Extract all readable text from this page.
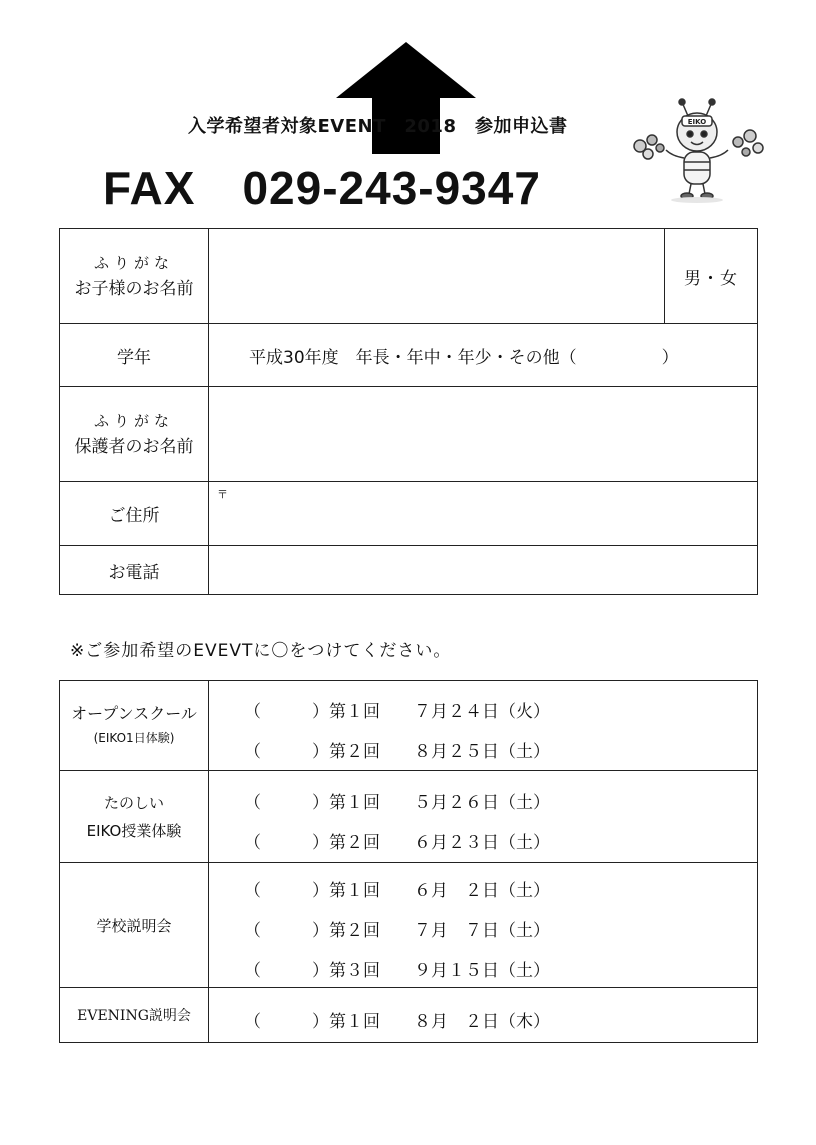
入学希望者対象EVENT　2018　参加申込書
FAX　029-243-9347
EIKO
ふりがな
お子様のお名前
男・女
学年	平成30年度　年長・年中・年少・その他（　　　　　）
ふりがな
保護者のお名前
ご住所
〒
お電話
※ご参加希望のEVEVTに〇をつけてください。
オープンスクール
(EIKO1日体験)
（　　　）第１回　　７月２４日（火）
（　　　）第２回　　８月２５日（土）
たのしい
EIKO授業体験
（　　　）第１回　　５月２６日（土）
（　　　）第２回　　６月２３日（土）
学校説明会
（　　　）第１回　　６月　２日（土）
（　　　）第２回　　７月　７日（土）
（　　　）第３回　　９月１５日（土）
EVENING説明会	（　　　）第１回　　８月　２日（木）
